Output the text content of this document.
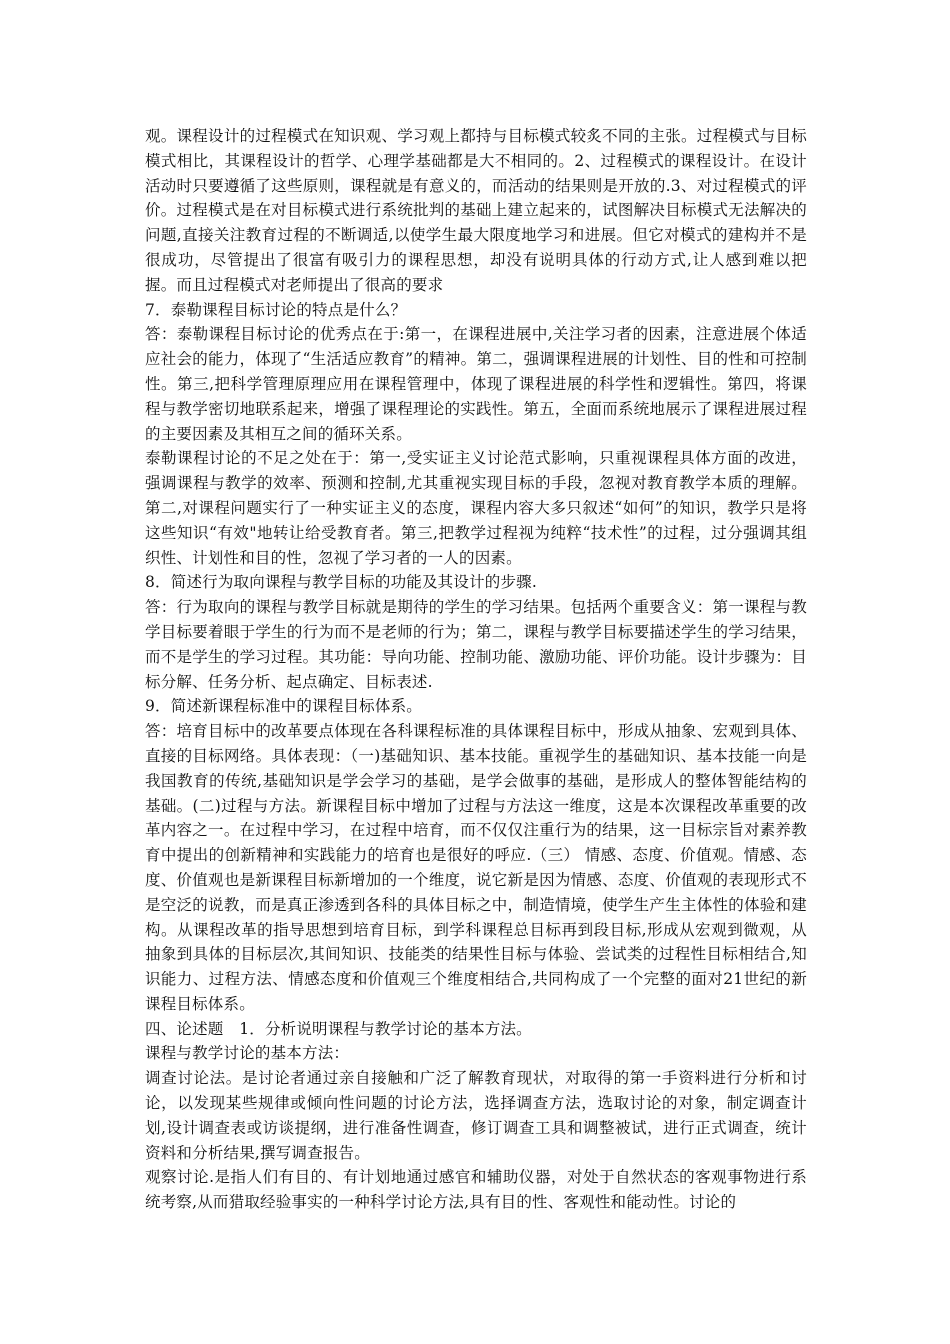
观。课程设计的过程模式在知识观、学习观上都持与目标模式较炙不同的主张。过程模式与目标模式相比，其课程设计的哲学、心理学基础都是大不相同的。2、过程模式的课程设计。在设计活动时只要遵循了这些原则，课程就是有意义的，而活动的结果则是开放的.3、对过程模式的评价。过程模式是在对目标模式进行系统批判的基础上建立起来的，试图解决目标模式无法解决的问题,直接关注教育过程的不断调适,以使学生最大限度地学习和进展。但它对模式的建构并不是很成功，尽管提出了很富有吸引力的课程思想，却没有说明具体的行动方式,让人感到难以把握。而且过程模式对老师提出了很高的要求

7．泰勒课程目标讨论的特点是什么？

答：泰勒课程目标讨论的优秀点在于:第一，在课程进展中,关注学习者的因素，注意进展个体适应社会的能力，体现了“生活适应教育”的精神。第二，强调课程进展的计划性、目的性和可控制性。第三,把科学管理原理应用在课程管理中，体现了课程进展的科学性和逻辑性。第四，将课程与教学密切地联系起来，增强了课程理论的实践性。第五，全面而系统地展示了课程进展过程的主要因素及其相互之间的循环关系。

泰勒课程讨论的不足之处在于：第一,受实证主义讨论范式影响，只重视课程具体方面的改进，强调课程与教学的效率、预测和控制,尤其重视实现目标的手段，忽视对教育教学本质的理解。第二,对课程问题实行了一种实证主义的态度，课程内容大多只叙述“如何”的知识，教学只是将这些知识“有效"地转让给受教育者。第三,把教学过程视为纯粹“技术性”的过程，过分强调其组织性、计划性和目的性，忽视了学习者的一人的因素。

8．简述行为取向课程与教学目标的功能及其设计的步骤.

答：行为取向的课程与教学目标就是期待的学生的学习结果。包括两个重要含义：第一课程与教学目标要着眼于学生的行为而不是老师的行为；第二，课程与教学目标要描述学生的学习结果，而不是学生的学习过程。其功能：导向功能、控制功能、激励功能、评价功能。设计步骤为：目标分解、任务分析、起点确定、目标表述.

9．简述新课程标准中的课程目标体系。

答：培育目标中的改革要点体现在各科课程标准的具体课程目标中，形成从抽象、宏观到具体、直接的目标网络。具体表现：（一)基础知识、基本技能。重视学生的基础知识、基本技能一向是我国教育的传统,基础知识是学会学习的基础，是学会做事的基础，是形成人的整体智能结构的基础。(二)过程与方法。新课程目标中增加了过程与方法这一维度，这是本次课程改革重要的改革内容之一。在过程中学习，在过程中培育，而不仅仅注重行为的结果，这一目标宗旨对素养教育中提出的创新精神和实践能力的培育也是很好的呼应.（三） 情感、态度、价值观。情感、态度、价值观也是新课程目标新增加的一个维度，说它新是因为情感、态度、价值观的表现形式不是空泛的说教，而是真正渗透到各科的具体目标之中，制造情境，使学生产生主体性的体验和建构。从课程改革的指导思想到培育目标，到学科课程总目标再到段目标,形成从宏观到微观，从抽象到具体的目标层次,其间知识、技能类的结果性目标与体验、尝试类的过程性目标相结合,知识能力、过程方法、情感态度和价值观三个维度相结合,共同构成了一个完整的面对21世纪的新课程目标体系。

四、论述题　1．分析说明课程与教学讨论的基本方法。

课程与教学讨论的基本方法：

调查讨论法。是讨论者通过亲自接触和广泛了解教育现状，对取得的第一手资料进行分析和讨论，以发现某些规律或倾向性问题的讨论方法，选择调查方法，选取讨论的对象，制定调查计划,设计调查表或访谈提纲，进行准备性调查，修订调查工具和调整被试，进行正式调查，统计资料和分析结果,撰写调查报告。

观察讨论.是指人们有目的、有计划地通过感官和辅助仪器，对处于自然状态的客观事物进行系统考察,从而猎取经验事实的一种科学讨论方法,具有目的性、客观性和能动性。讨论的
